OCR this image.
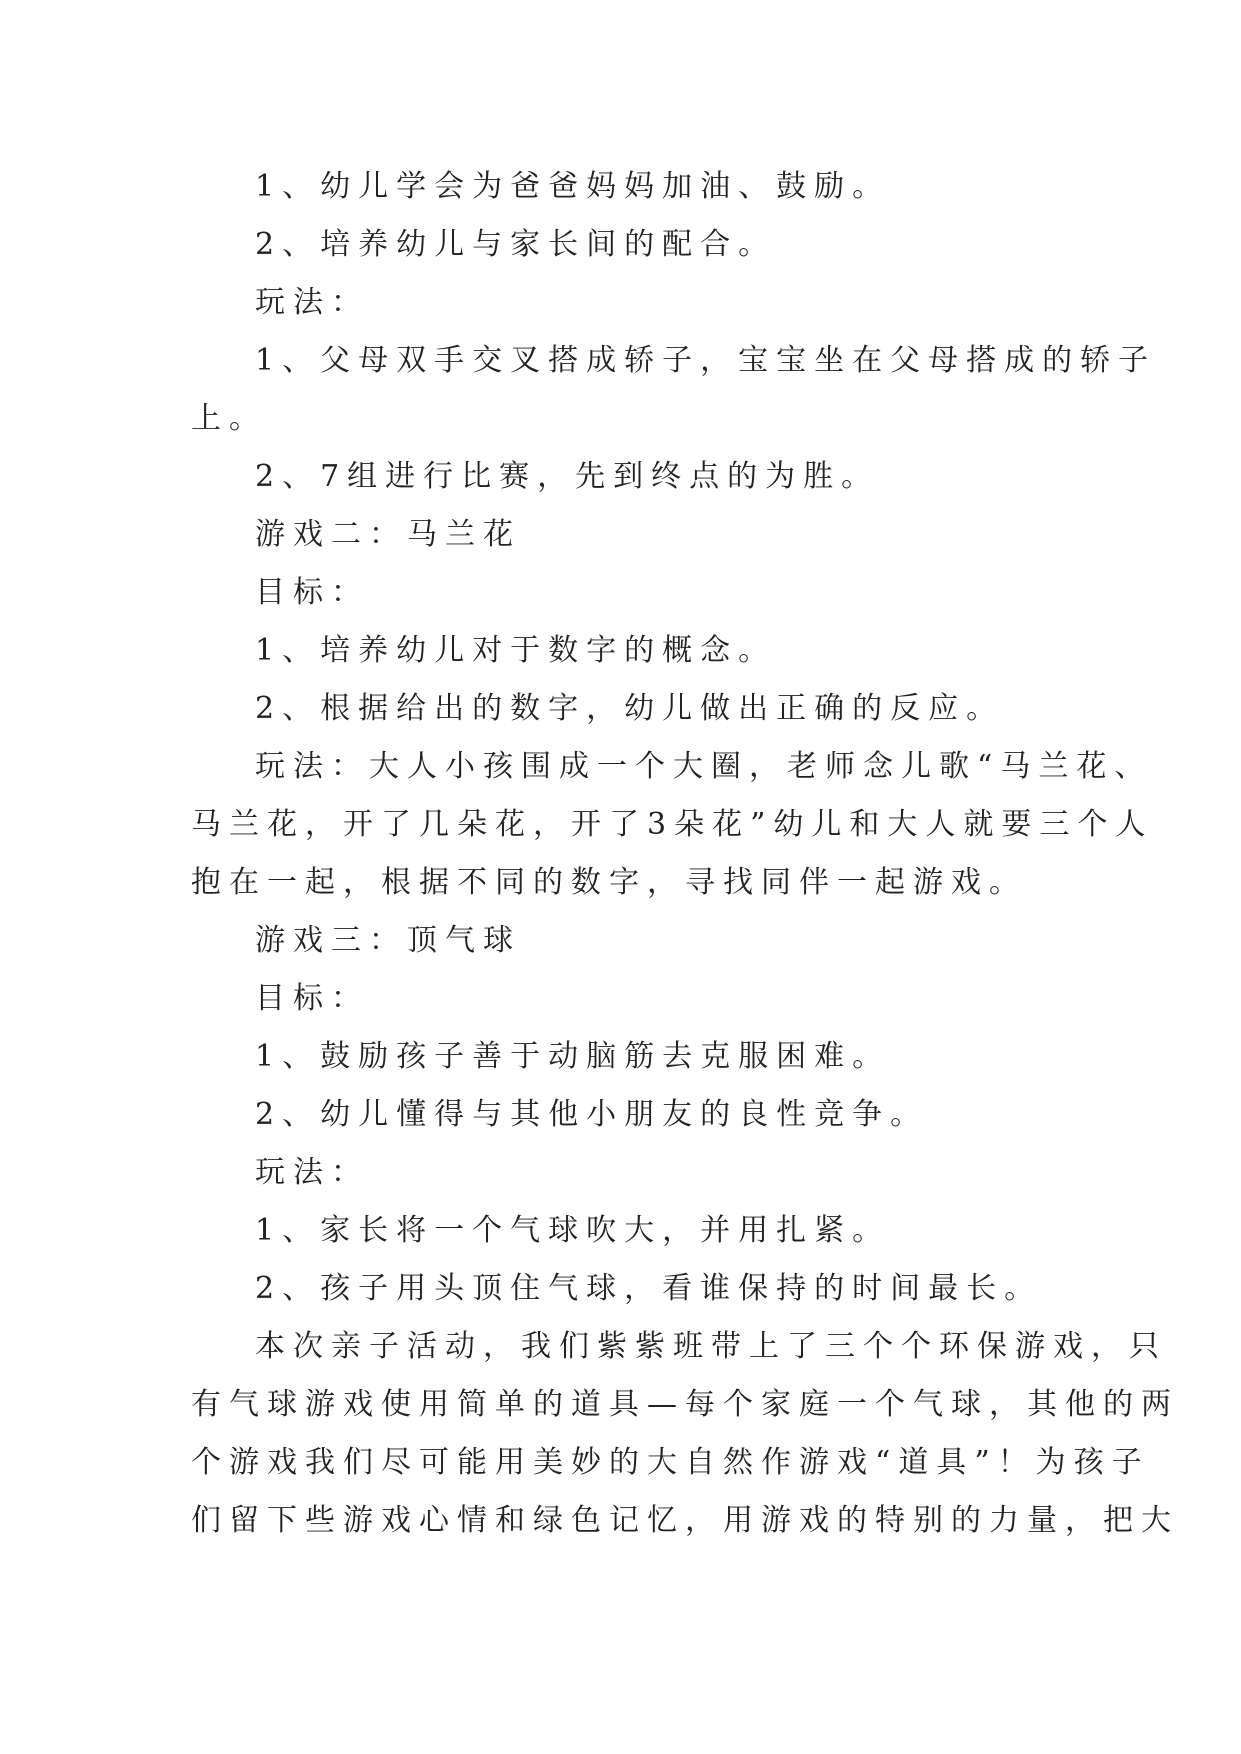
1、幼儿学会为爸爸妈妈加油、鼓励。
2、培养幼儿与家长间的配合。
玩法：
1、父母双手交叉搭成轿子，宝宝坐在父母搭成的轿子
上。
2、7组进行比赛，先到终点的为胜。
游戏二：马兰花
目标：
1、培养幼儿对于数字的概念。
2、根据给出的数字，幼儿做出正确的反应。
玩法：大人小孩围成一个大圈，老师念儿歌“马兰花、
马兰花，开了几朵花，开了3朵花”幼儿和大人就要三个人
抱在一起，根据不同的数字，寻找同伴一起游戏。
游戏三：顶气球
目标：
1、鼓励孩子善于动脑筋去克服困难。
2、幼儿懂得与其他小朋友的良性竞争。
玩法：
1、家长将一个气球吹大，并用扎紧。
2、孩子用头顶住气球，看谁保持的时间最长。
本次亲子活动，我们紫紫班带上了三个个环保游戏，只
有气球游戏使用简单的道具—每个家庭一个气球，其他的两
个游戏我们尽可能用美妙的大自然作游戏“道具”！为孩子
们留下些游戏心情和绿色记忆，用游戏的特别的力量，把大
